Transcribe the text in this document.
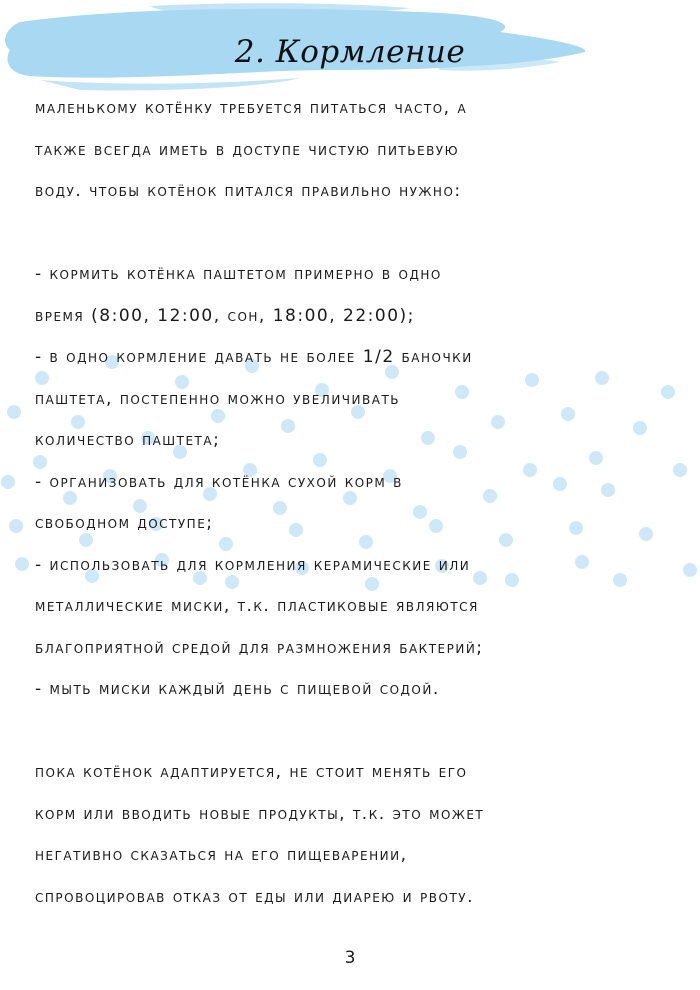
2. Кормление
маленькому котёнку требуется питаться часто, а
также всегда иметь в доступе чистую питьевую
воду. чтобы котёнок питался правильно нужно:
- кормить котёнка паштетом примерно в одно
время (8:00, 12:00, сон, 18:00, 22:00);
- в одно кормление давать не более 1/2 баночки
паштета, постепенно можно увеличивать
количество паштета;
- организовать для котёнка сухой корм в
свободном доступе;
- использовать для кормления керамические или
металлические миски, т.к. пластиковые являются
благоприятной средой для размножения бактерий;
- мыть миски каждый день с пищевой содой.
пока котёнок адаптируется, не стоит менять его
корм или вводить новые продукты, т.к. это может
негативно сказаться на его пищеварении,
спровоцировав отказ от еды или диарею и рвоту.
3
